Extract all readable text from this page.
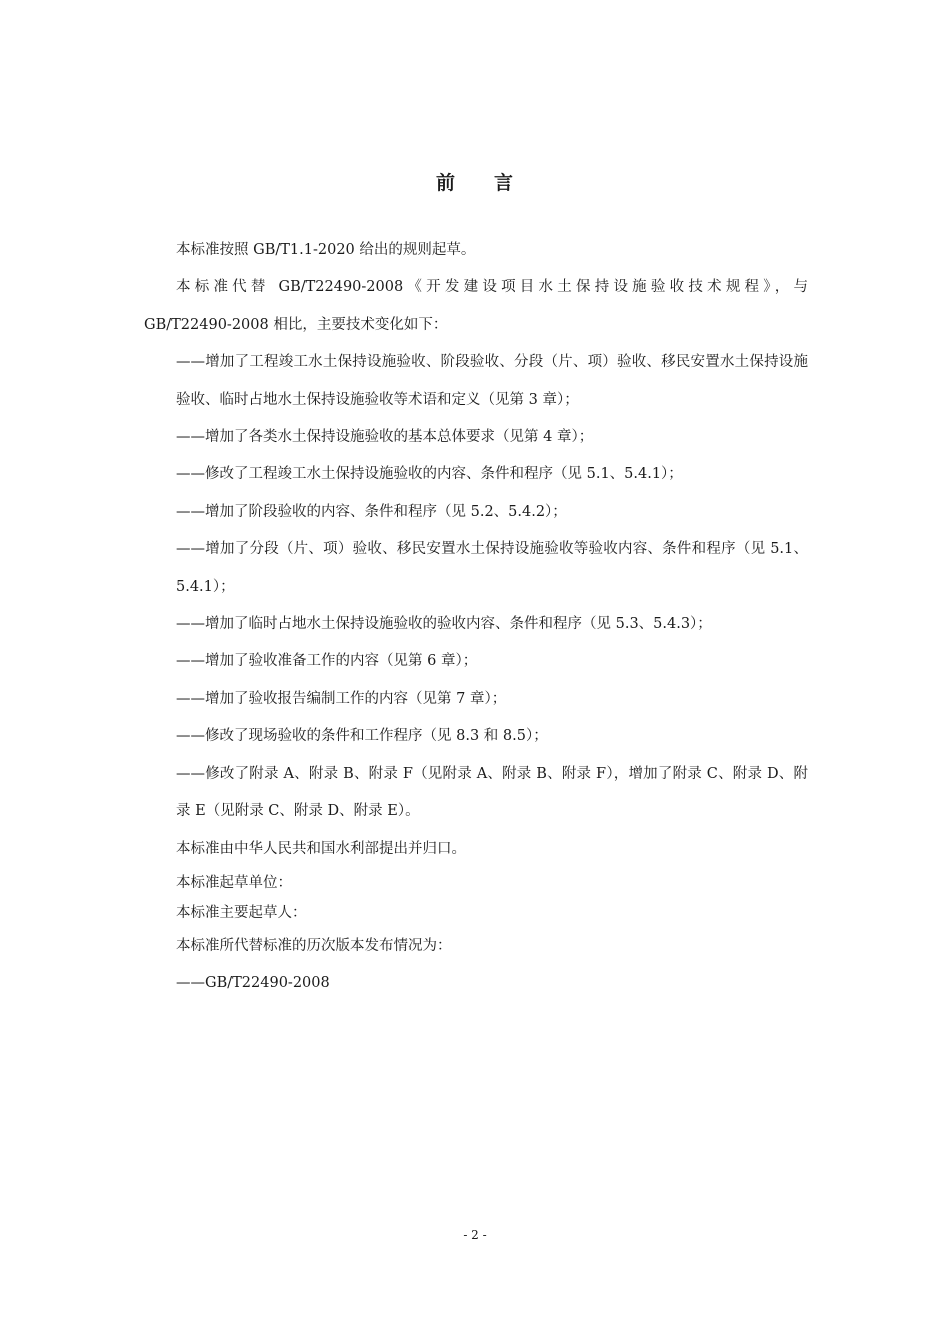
前 言

本标准按照 GB/T1.1-2020 给出的规则起草。

本标准代替 GB/T22490-2008《开发建设项目水土保持设施验收技术规程》，与

GB/T22490-2008 相比，主要技术变化如下：

——增加了工程竣工水土保持设施验收、阶段验收、分段（片、项）验收、移民安置水土保持设施验收、临时占地水土保持设施验收等术语和定义（见第 3 章）；

——增加了各类水土保持设施验收的基本总体要求（见第 4 章）；

——修改了工程竣工水土保持设施验收的内容、条件和程序（见 5.1、5.4.1）；

——增加了阶段验收的内容、条件和程序（见 5.2、5.4.2）；

——增加了分段（片、项）验收、移民安置水土保持设施验收等验收内容、条件和程序（见 5.1、5.4.1）；

——增加了临时占地水土保持设施验收的验收内容、条件和程序（见 5.3、5.4.3）；

——增加了验收准备工作的内容（见第 6 章）；

——增加了验收报告编制工作的内容（见第 7 章）；

——修改了现场验收的条件和工作程序（见 8.3 和 8.5）；

——修改了附录 A、附录 B、附录 F（见附录 A、附录 B、附录 F），增加了附录 C、附录 D、附录 E（见附录 C、附录 D、附录 E）。

本标准由中华人民共和国水利部提出并归口。

本标准起草单位：

本标准主要起草人：

本标准所代替标准的历次版本发布情况为：

——GB/T22490-2008

- 2 -
